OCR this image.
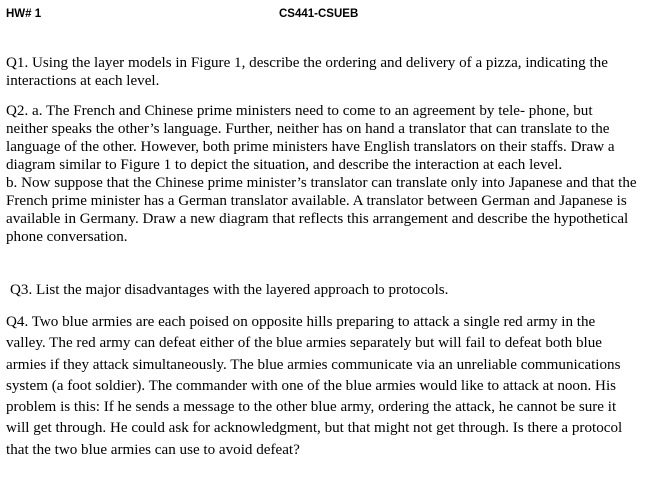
HW# 1	CS441-CSUEB

Q1. Using the layer models in Figure 1, describe the ordering and delivery of a pizza, indicating the interactions at each level.

Q2. a. The French and Chinese prime ministers need to come to an agreement by tele- phone, but neither speaks the other’s language. Further, neither has on hand a translator that can translate to the language of the other. However, both prime ministers have English translators on their staffs. Draw a diagram similar to Figure 1 to depict the situation, and describe the interaction at each level.

b. Now suppose that the Chinese prime minister’s translator can translate only into Japanese and that the French prime minister has a German translator available. A translator between German and Japanese is available in Germany. Draw a new diagram that reflects this arrangement and describe the hypothetical phone conversation.

Q3. List the major disadvantages with the layered approach to protocols.

Q4. Two blue armies are each poised on opposite hills preparing to attack a single red army in the valley. The red army can defeat either of the blue armies separately but will fail to defeat both blue armies if they attack simultaneously. The blue armies communicate via an unreliable communications system (a foot soldier). The commander with one of the blue armies would like to attack at noon. His problem is this: If he sends a message to the other blue army, ordering the attack, he cannot be sure it will get through. He could ask for acknowledgment, but that might not get through. Is there a protocol that the two blue armies can use to avoid defeat?
